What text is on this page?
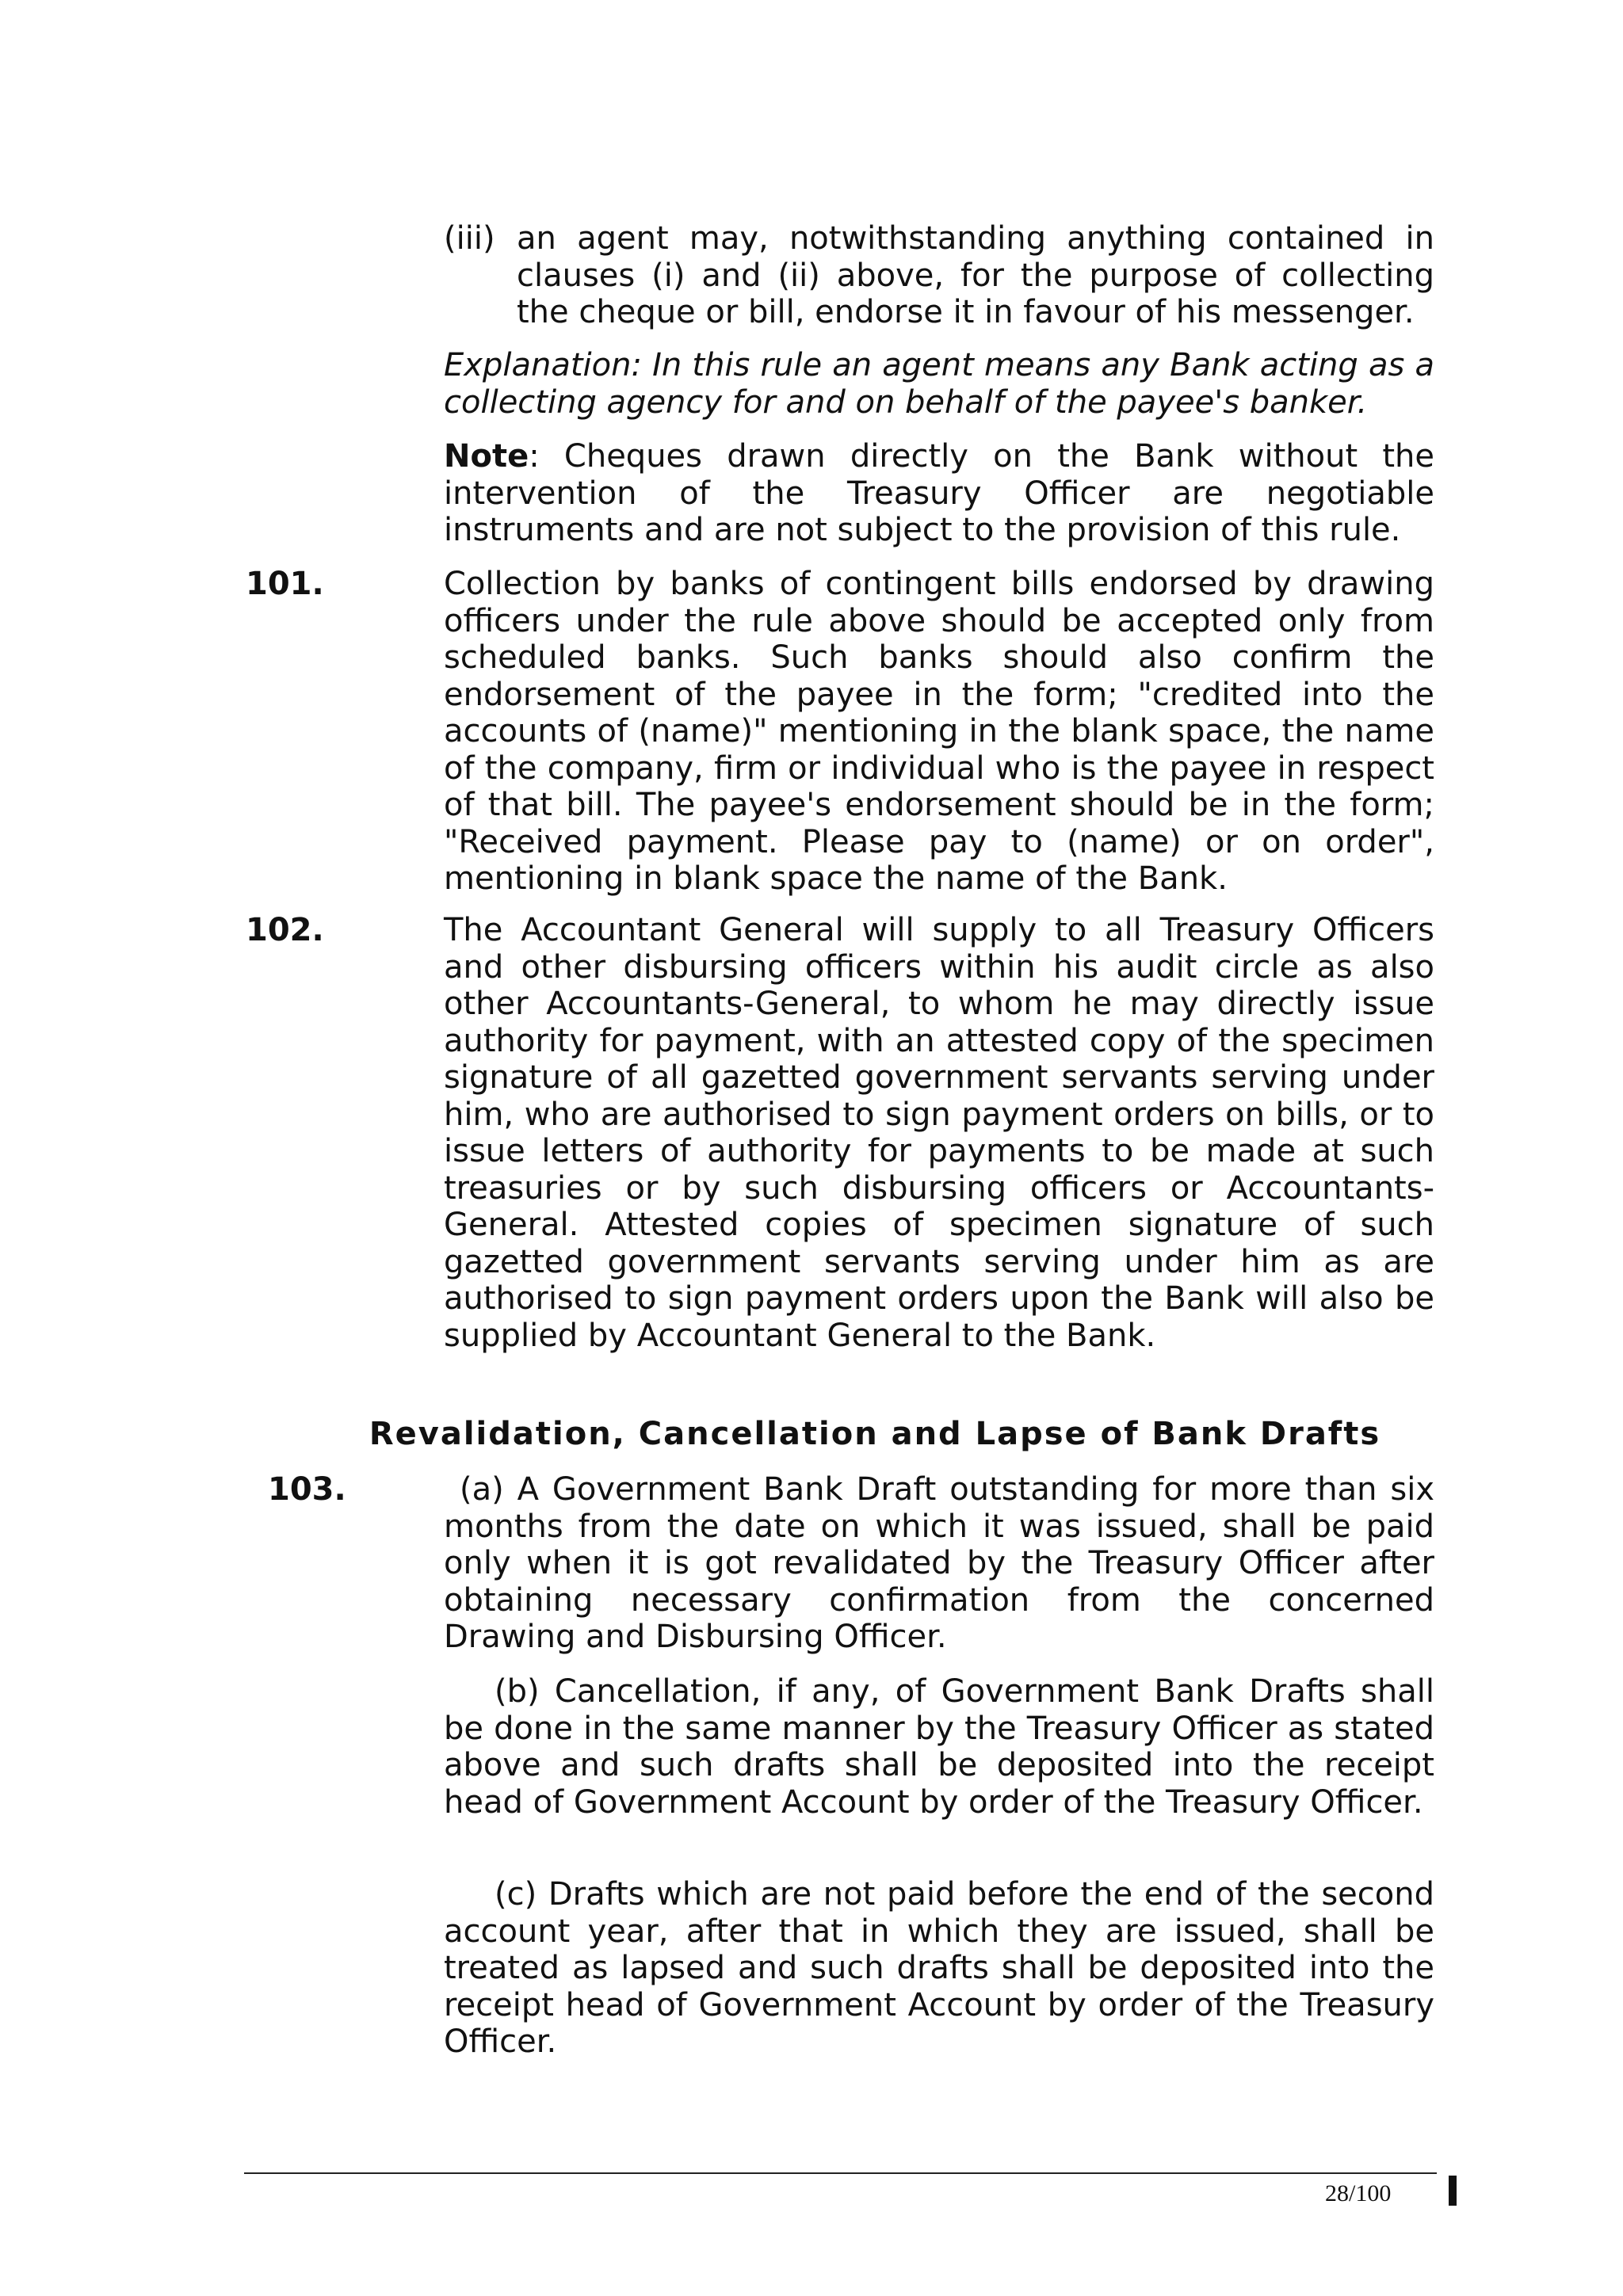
(iii) an agent may, notwithstanding anything contained in clauses (i) and (ii) above, for the purpose of collecting the cheque or bill, endorse it in favour of his messenger.

Explanation: In this rule an agent means any Bank acting as a collecting agency for and on behalf of the payee's banker.

Note: Cheques drawn directly on the Bank without the intervention of the Treasury Officer are negotiable instruments and are not subject to the provision of this rule.

101.	Collection by banks of contingent bills endorsed by drawing officers under the rule above should be accepted only from scheduled banks. Such banks should also confirm the endorsement of the payee in the form; "credited into the accounts of (name)" mentioning in the blank space, the name of the company, firm or individual who is the payee in respect of that bill. The payee's endorsement should be in the form; "Received payment. Please pay to (name) or on order", mentioning in blank space the name of the Bank.

102.	The Accountant General will supply to all Treasury Officers and other disbursing officers within his audit circle as also other Accountants-General, to whom he may directly issue authority for payment, with an attested copy of the specimen signature of all gazetted government servants serving under him, who are authorised to sign payment orders on bills, or to issue letters of authority for payments to be made at such treasuries or by such disbursing officers or Accountants-General. Attested copies of specimen signature of such gazetted government servants serving under him as are authorised to sign payment orders upon the Bank will also be supplied by Accountant General to the Bank.

Revalidation, Cancellation and Lapse of Bank Drafts
103.	(a) A Government Bank Draft outstanding for more than six months from the date on which it was issued, shall be paid only when it is got revalidated by the Treasury Officer after obtaining necessary confirmation from the concerned Drawing and Disbursing Officer.

(b) Cancellation, if any, of Government Bank Drafts shall be done in the same manner by the Treasury Officer as stated above and such drafts shall be deposited into the receipt head of Government Account by order of the Treasury Officer.

(c) Drafts which are not paid before the end of the second account year, after that in which they are issued, shall be treated as lapsed and such drafts shall be deposited into the receipt head of Government Account by order of the Treasury Officer.

28/100
